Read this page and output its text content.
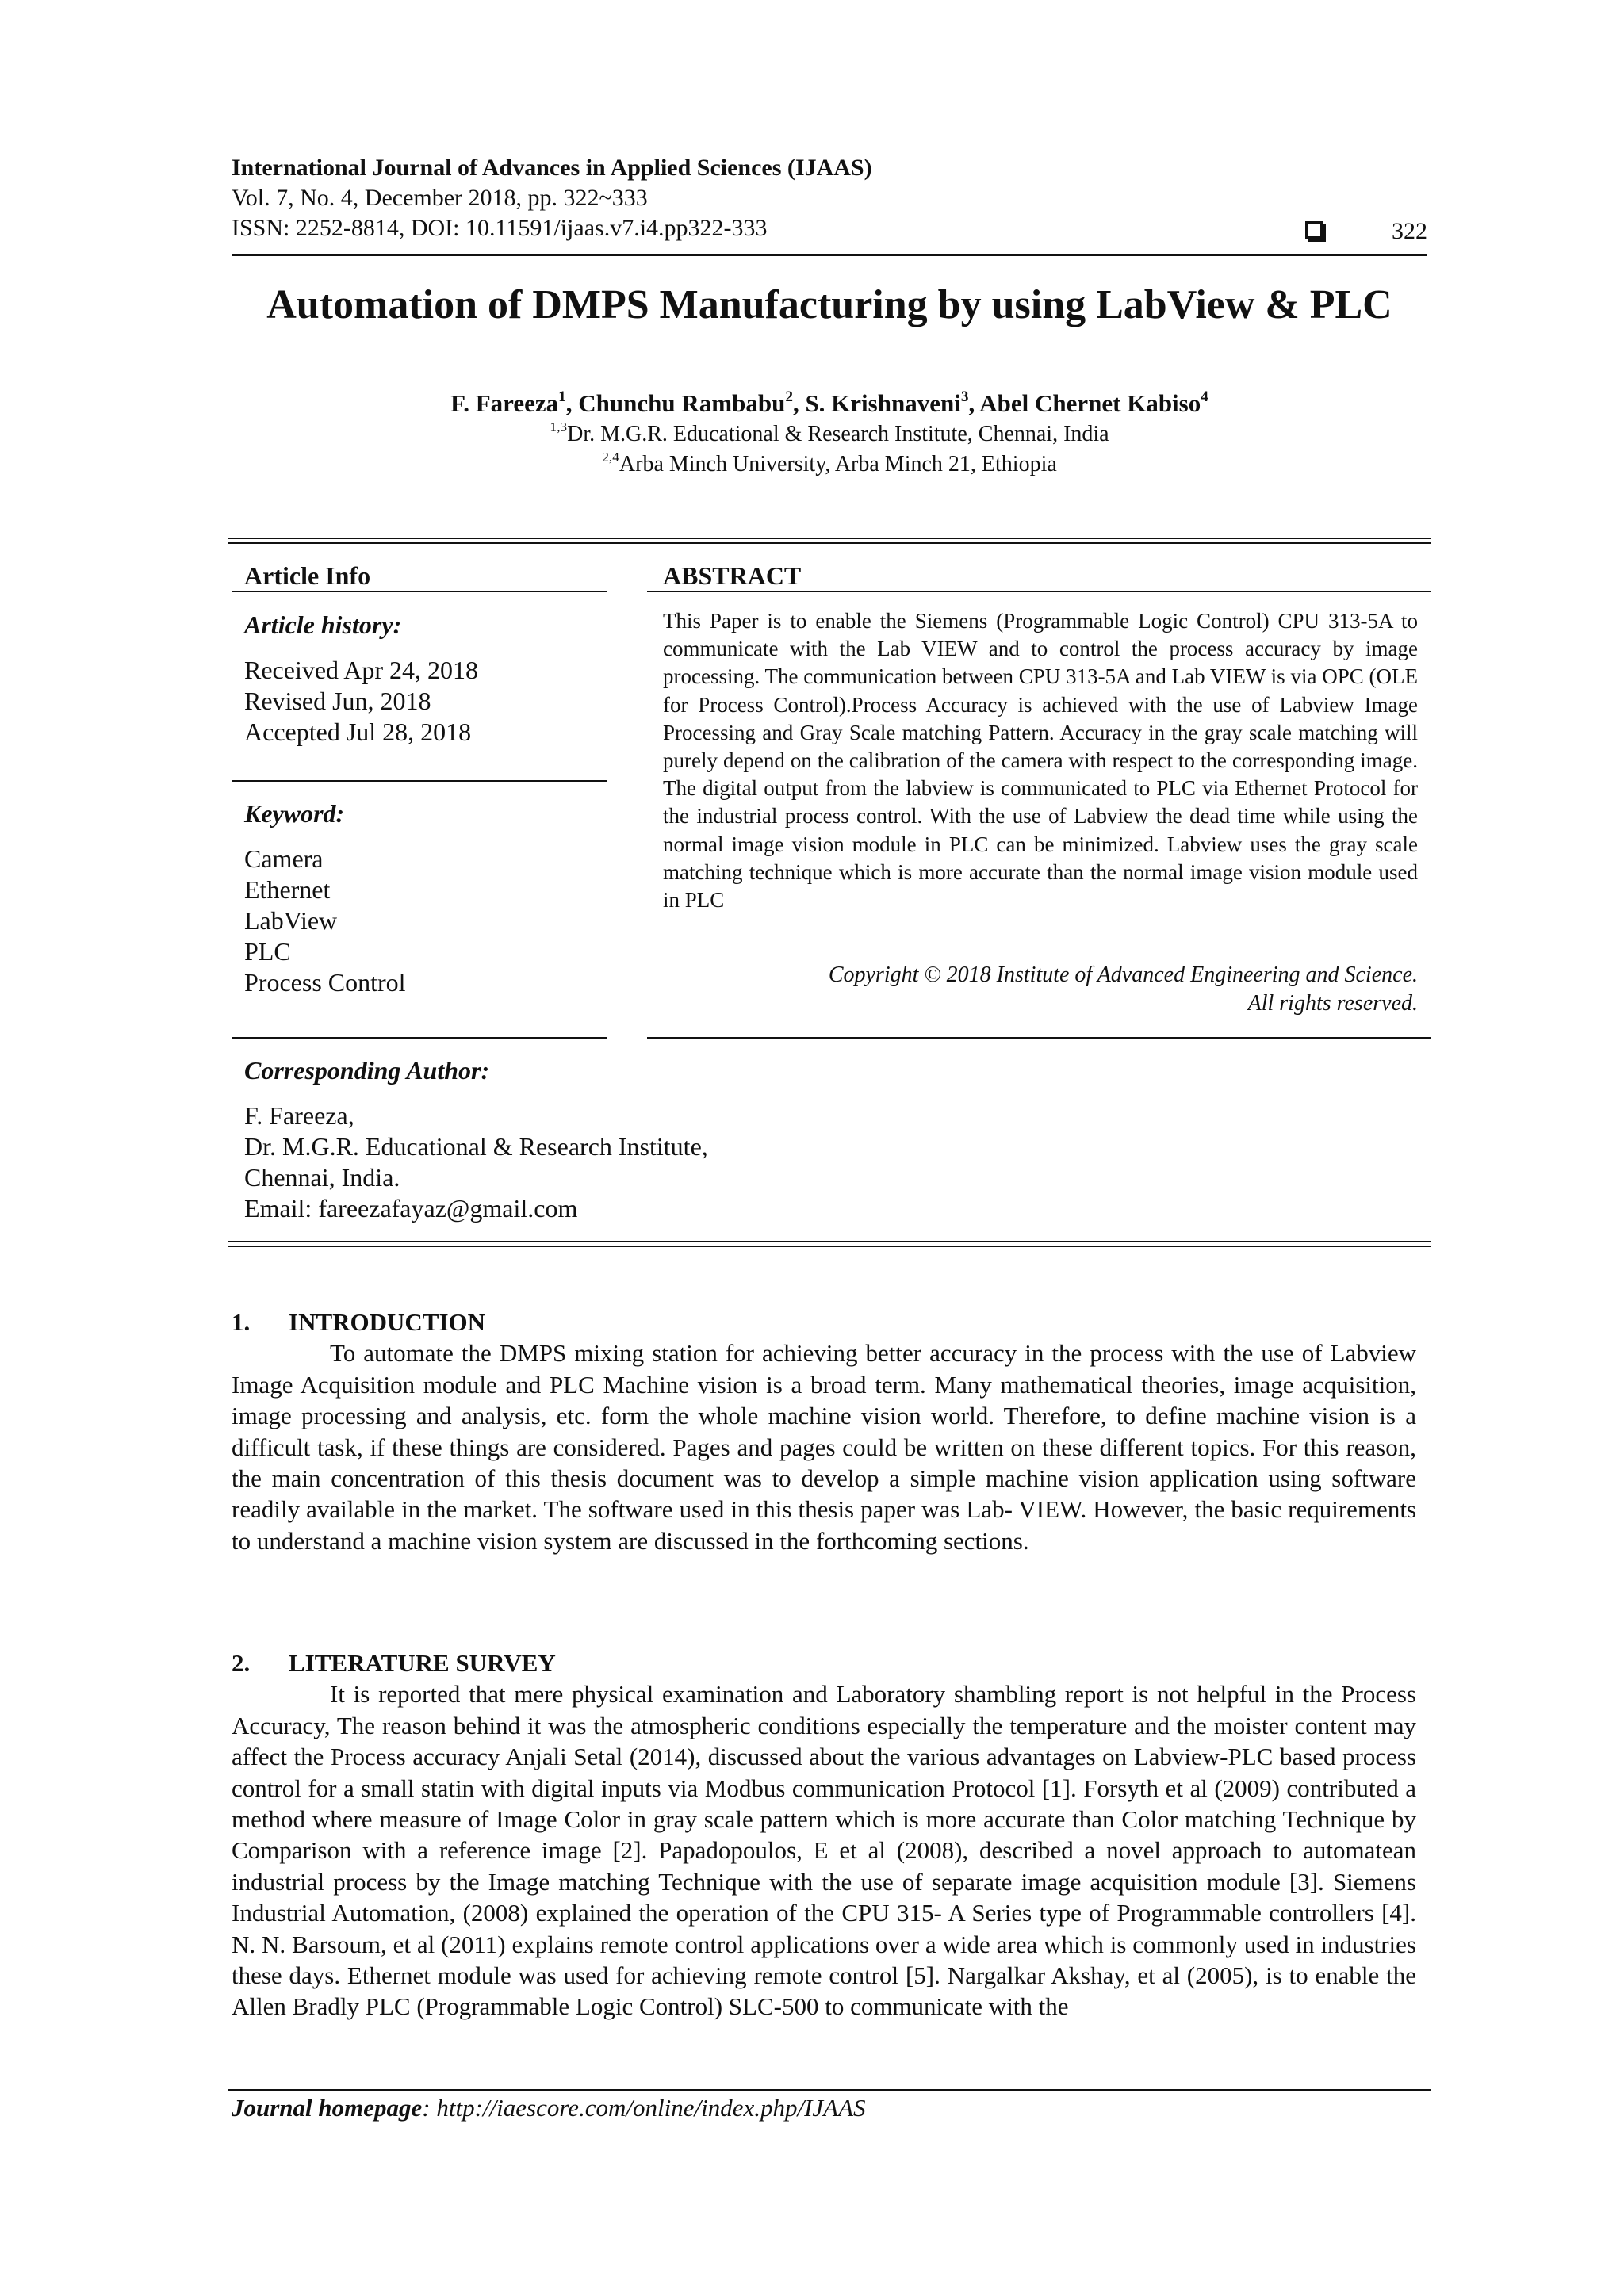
International Journal of Advances in Applied Sciences (IJAAS)
Vol. 7, No. 4, December 2018, pp. 322~333
ISSN: 2252-8814, DOI: 10.11591/ijaas.v7.i4.pp322-333	322
Automation of DMPS Manufacturing by using LabView & PLC
F. Fareeza$^1$, Chunchu Rambabu$^2$, S. Krishnaveni$^3$, Abel Chernet Kabiso$^4$
$^{1,3}$Dr. M.G.R. Educational & Research Institute, Chennai, India
$^{2,4}$Arba Minch University, Arba Minch 21, Ethiopia
Article Info
Article history:
Received Apr 24, 2018
Revised Jun, 2018
Accepted Jul 28, 2018
Keyword:
Camera
Ethernet
LabView
PLC
Process Control
Corresponding Author:
F. Fareeza,
Dr. M.G.R. Educational & Research Institute,
Chennai, India.
Email: fareezafayaz@gmail.com
ABSTRACT
This Paper is to enable the Siemens (Programmable Logic Control) CPU 313-5A to communicate with the Lab VIEW and to control the process accuracy by image processing. The communication between CPU 313-5A and Lab VIEW is via OPC (OLE for Process Control).Process Accuracy is achieved with the use of Labview Image Processing and Gray Scale matching Pattern. Accuracy in the gray scale matching will purely depend on the calibration of the camera with respect to the corresponding image. The digital output from the labview is communicated to PLC via Ethernet Protocol for the industrial process control. With the use of Labview the dead time while using the normal image vision module in PLC can be minimized. Labview uses the gray scale matching technique which is more accurate than the normal image vision module used in PLC
Copyright © 2018 Institute of Advanced Engineering and Science.
All rights reserved.
1. INTRODUCTION

To automate the DMPS mixing station for achieving better accuracy in the process with the use of Labview Image Acquisition module and PLC Machine vision is a broad term. Many mathematical theories, image acquisition, image processing and analysis, etc. form the whole machine vision world. Therefore, to define machine vision is a difficult task, if these things are considered. Pages and pages could be written on these different topics. For this reason, the main concentration of this thesis document was to develop a simple machine vision application using software readily available in the market. The software used in this thesis paper was Lab- VIEW. However, the basic requirements to understand a machine vision system are discussed in the forthcoming sections.

2. LITERATURE SURVEY

It is reported that mere physical examination and Laboratory shambling report is not helpful in the Process Accuracy, The reason behind it was the atmospheric conditions especially the temperature and the moister content may affect the Process accuracy Anjali Setal (2014), discussed about the various advantages on Labview-PLC based process control for a small statin with digital inputs via Modbus communication Protocol [1]. Forsyth et al (2009) contributed a method where measure of Image Color in gray scale pattern which is more accurate than Color matching Technique by Comparison with a reference image [2]. Papadopoulos, E et al (2008), described a novel approach to automatean industrial process by the Image matching Technique with the use of separate image acquisition module [3]. Siemens Industrial Automation, (2008) explained the operation of the CPU 315- A Series type of Programmable controllers [4]. N. N. Barsoum, et al (2011) explains remote control applications over a wide area which is commonly used in industries these days. Ethernet module was used for achieving remote control [5]. Nargalkar Akshay, et al (2005), is to enable the Allen Bradly PLC (Programmable Logic Control) SLC-500 to communicate with the

Journal homepage: http://iaescore.com/online/index.php/IJAAS
